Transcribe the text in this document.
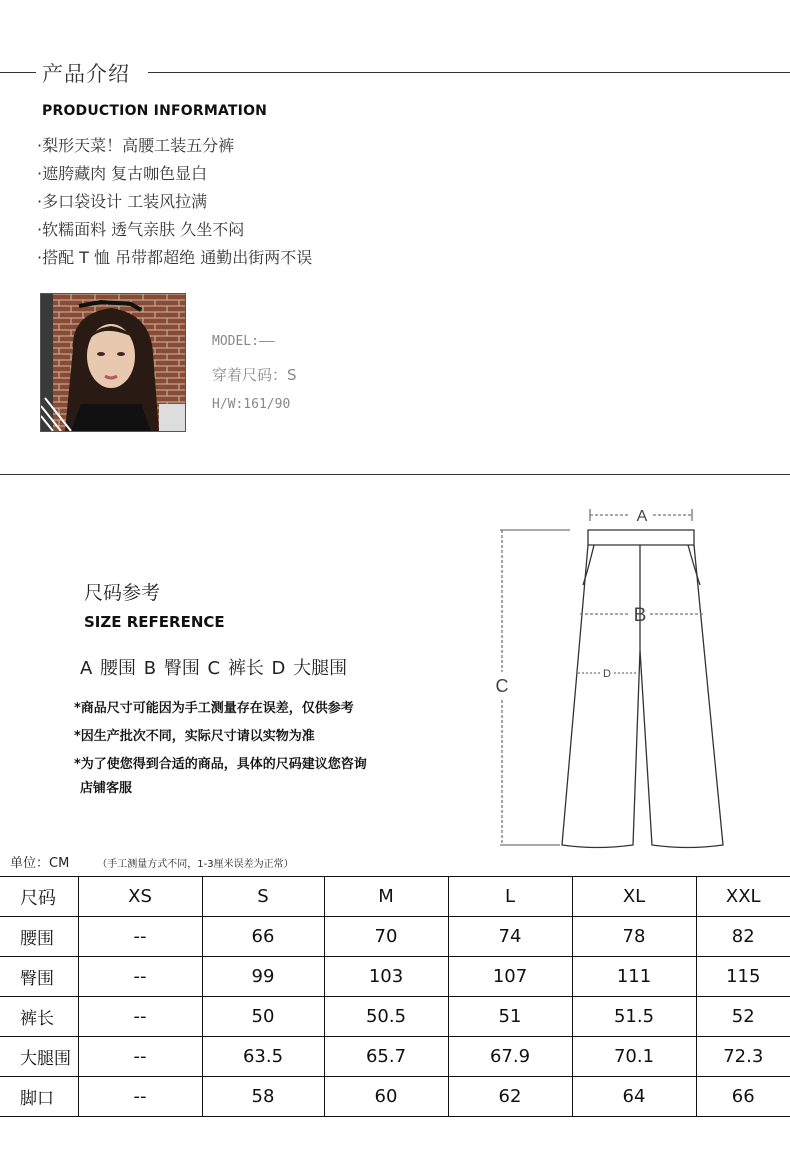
产品介绍
PRODUCTION INFORMATION
·梨形天菜！高腰工装五分裤
·遮胯藏肉 复古咖色显白
·多口袋设计 工装风拉满
·软糯面料 透气亲肤 久坐不闷
·搭配 T 恤 吊带都超绝 通勤出街两不误
MODEL:——
穿着尺码：S
H/W:161/90
尺码参考
SIZE REFERENCE
A 腰围 B 臀围 C 裤长 D 大腿围
*商品尺寸可能因为手工测量存在误差，仅供参考
*因生产批次不同，实际尺寸请以实物为准
*为了使您得到合适的商品，具体的尺码建议您咨询
店铺客服
A
B
C
D
单位：CM	（手工测量方式不同，1-3厘米误差为正常）
尺码	XS	S	M	L	XL	XXL
腰围	--	66	70	74	78	82
臀围	--	99	103	107	111	115
裤长	--	50	50.5	51	51.5	52
大腿围	--	63.5	65.7	67.9	70.1	72.3
脚口	--	58	60	62	64	66
